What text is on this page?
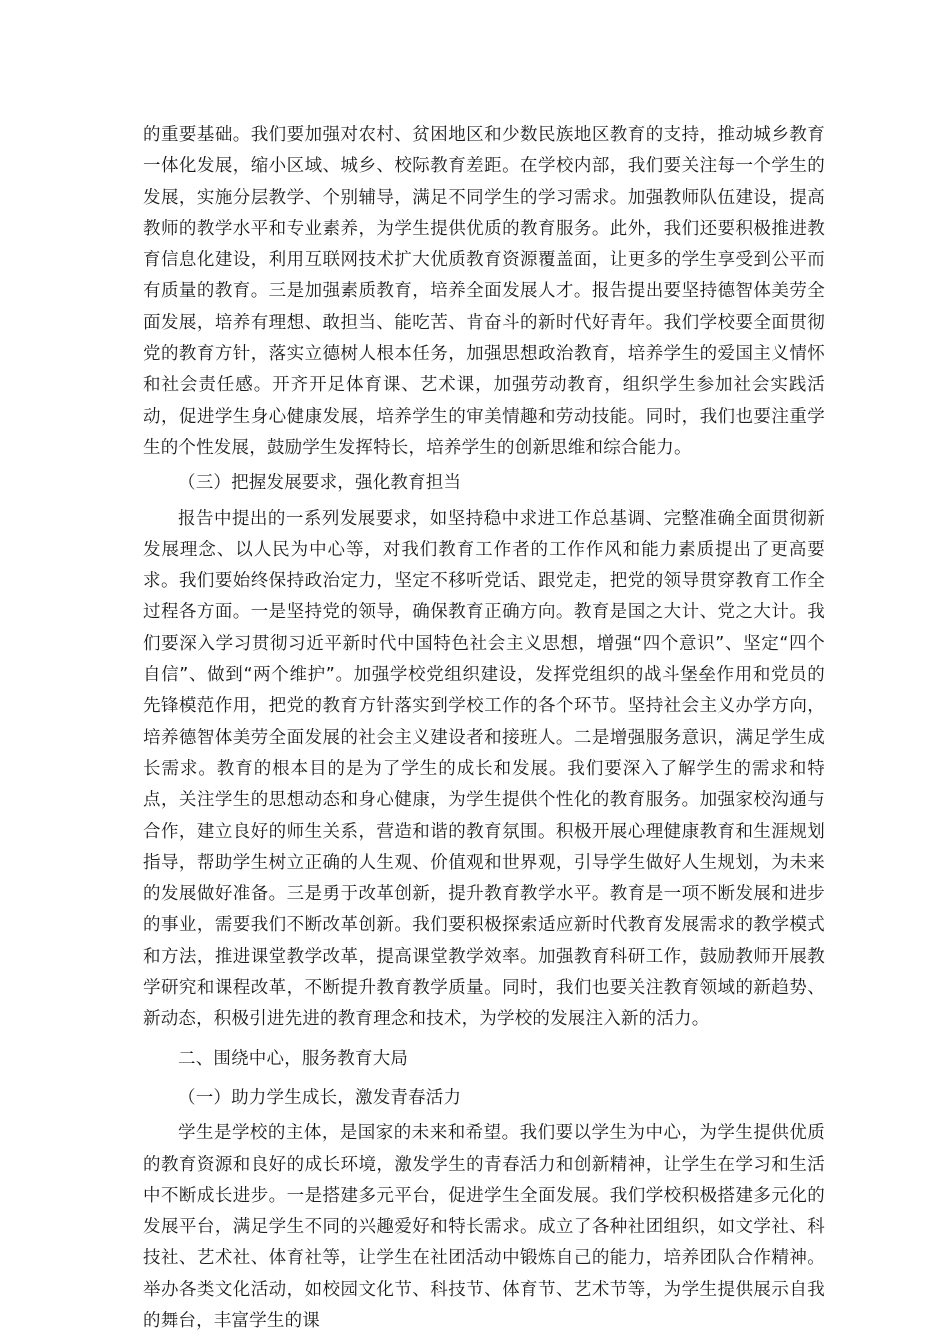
的重要基础。我们要加强对农村、贫困地区和少数民族地区教育的支持，推动城乡教育一体化发展，缩小区域、城乡、校际教育差距。在学校内部，我们要关注每一个学生的发展，实施分层教学、个别辅导，满足不同学生的学习需求。加强教师队伍建设，提高教师的教学水平和专业素养，为学生提供优质的教育服务。此外，我们还要积极推进教育信息化建设，利用互联网技术扩大优质教育资源覆盖面，让更多的学生享受到公平而有质量的教育。三是加强素质教育，培养全面发展人才。报告提出要坚持德智体美劳全面发展，培养有理想、敢担当、能吃苦、肯奋斗的新时代好青年。我们学校要全面贯彻党的教育方针，落实立德树人根本任务，加强思想政治教育，培养学生的爱国主义情怀和社会责任感。开齐开足体育课、艺术课，加强劳动教育，组织学生参加社会实践活动，促进学生身心健康发展，培养学生的审美情趣和劳动技能。同时，我们也要注重学生的个性发展，鼓励学生发挥特长，培养学生的创新思维和综合能力。

（三）把握发展要求，强化教育担当

报告中提出的一系列发展要求，如坚持稳中求进工作总基调、完整准确全面贯彻新发展理念、以人民为中心等，对我们教育工作者的工作作风和能力素质提出了更高要求。我们要始终保持政治定力，坚定不移听党话、跟党走，把党的领导贯穿教育工作全过程各方面。一是坚持党的领导，确保教育正确方向。教育是国之大计、党之大计。我们要深入学习贯彻习近平新时代中国特色社会主义思想，增强“四个意识”、坚定“四个自信”、做到“两个维护”。加强学校党组织建设，发挥党组织的战斗堡垒作用和党员的先锋模范作用，把党的教育方针落实到学校工作的各个环节。坚持社会主义办学方向，培养德智体美劳全面发展的社会主义建设者和接班人。二是增强服务意识，满足学生成长需求。教育的根本目的是为了学生的成长和发展。我们要深入了解学生的需求和特点，关注学生的思想动态和身心健康，为学生提供个性化的教育服务。加强家校沟通与合作，建立良好的师生关系，营造和谐的教育氛围。积极开展心理健康教育和生涯规划指导，帮助学生树立正确的人生观、价值观和世界观，引导学生做好人生规划，为未来的发展做好准备。三是勇于改革创新，提升教育教学水平。教育是一项不断发展和进步的事业，需要我们不断改革创新。我们要积极探索适应新时代教育发展需求的教学模式和方法，推进课堂教学改革，提高课堂教学效率。加强教育科研工作，鼓励教师开展教学研究和课程改革，不断提升教育教学质量。同时，我们也要关注教育领域的新趋势、新动态，积极引进先进的教育理念和技术，为学校的发展注入新的活力。

二、围绕中心，服务教育大局
（一）助力学生成长，激发青春活力

学生是学校的主体，是国家的未来和希望。我们要以学生为中心，为学生提供优质的教育资源和良好的成长环境，激发学生的青春活力和创新精神，让学生在学习和生活中不断成长进步。一是搭建多元平台，促进学生全面发展。我们学校积极搭建多元化的发展平台，满足学生不同的兴趣爱好和特长需求。成立了各种社团组织，如文学社、科技社、艺术社、体育社等，让学生在社团活动中锻炼自己的能力，培养团队合作精神。举办各类文化活动，如校园文化节、科技节、体育节、艺术节等，为学生提供展示自我的舞台，丰富学生的课
